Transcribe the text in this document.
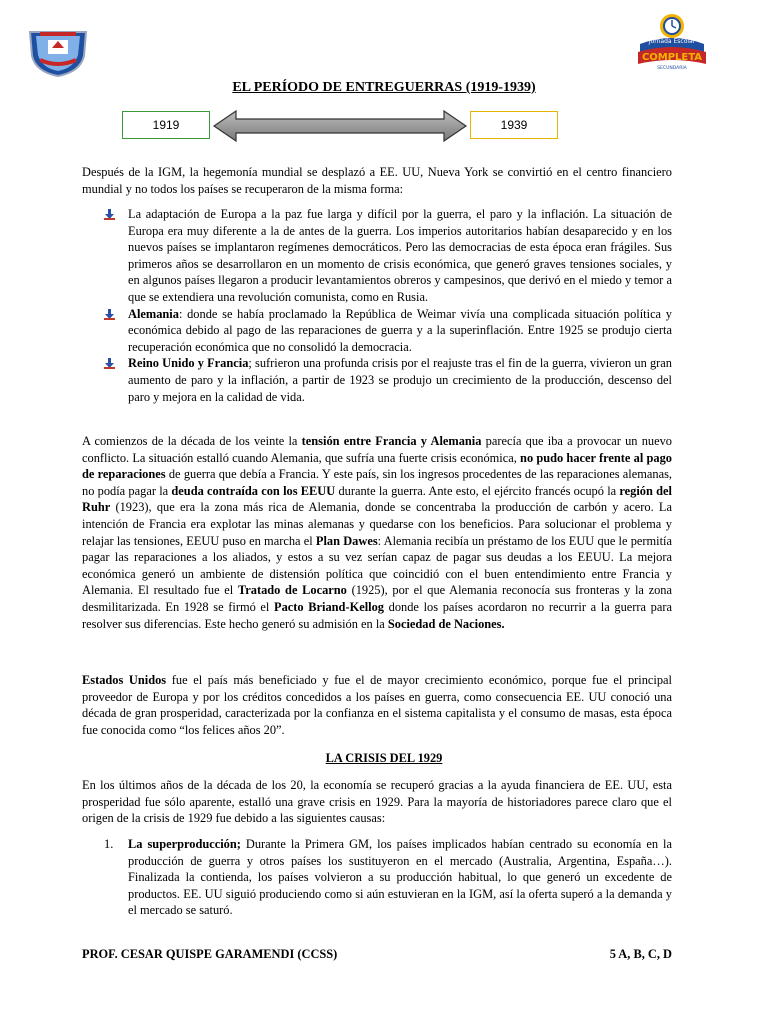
Jornada Escolar
COMPLETA
SECUNDARIA
EL PERÍODO DE ENTREGUERRAS (1919-1939)
1919	1939
Después de la IGM, la hegemonía mundial se desplazó a EE. UU, Nueva York se convirtió en el centro financiero mundial y no todos los países se recuperaron de la misma forma:
La adaptación de Europa a la paz fue larga y difícil por la guerra, el paro y la inflación. La situación de Europa era muy diferente a la de antes de la guerra. Los imperios autoritarios habían desaparecido y en los nuevos países se implantaron regímenes democráticos. Pero las democracias de esta época eran frágiles. Sus primeros años se desarrollaron en un momento de crisis económica, que generó graves tensiones sociales, y en algunos países llegaron a producir levantamientos obreros y campesinos, que derivó en el miedo y temor a que se extendiera una revolución comunista, como en Rusia.
Alemania: donde se había proclamado la República de Weimar vivía una complicada situación política y económica debido al pago de las reparaciones de guerra y a la superinflación. Entre 1925 se produjo cierta recuperación económica que no consolidó la democracia.
Reino Unido y Francia; sufrieron una profunda crisis por el reajuste tras el fin de la guerra, vivieron un gran aumento de paro y la inflación, a partir de 1923 se produjo un crecimiento de la producción, descenso del paro y mejora en la calidad de vida.
A comienzos de la década de los veinte la tensión entre Francia y Alemania parecía que iba a provocar un nuevo conflicto. La situación estalló cuando Alemania, que sufría una fuerte crisis económica, no pudo hacer frente al pago de reparaciones de guerra que debía a Francia. Y este país, sin los ingresos procedentes de las reparaciones alemanas, no podía pagar la deuda contraída con los EEUU durante la guerra. Ante esto, el ejército francés ocupó la región del Ruhr (1923), que era la zona más rica de Alemania, donde se concentraba la producción de carbón y acero. La intención de Francia era explotar las minas alemanas y quedarse con los beneficios. Para solucionar el problema y relajar las tensiones, EEUU puso en marcha el Plan Dawes: Alemania recibía un préstamo de los EUU que le permitía pagar las reparaciones a los aliados, y estos a su vez serían capaz de pagar sus deudas a los EEUU. La mejora económica generó un ambiente de distensión política que coincidió con el buen entendimiento entre Francia y Alemania. El resultado fue el Tratado de Locarno (1925), por el que Alemania reconocía sus fronteras y la zona desmilitarizada. En 1928 se firmó el Pacto Briand-Kellog donde los países acordaron no recurrir a la guerra para resolver sus diferencias. Este hecho generó su admisión en la Sociedad de Naciones.
Estados Unidos fue el país más beneficiado y fue el de mayor crecimiento económico, porque fue el principal proveedor de Europa y por los créditos concedidos a los países en guerra, como consecuencia EE. UU conoció una década de gran prosperidad, caracterizada por la confianza en el sistema capitalista y el consumo de masas, esta época fue conocida como “los felices años 20”.
LA CRISIS DEL 1929
En los últimos años de la década de los 20, la economía se recuperó gracias a la ayuda financiera de EE. UU, esta prosperidad fue sólo aparente, estalló una grave crisis en 1929. Para la mayoría de historiadores parece claro que el origen de la crisis de 1929 fue debido a las siguientes causas:
1. La superproducción; Durante la Primera GM, los países implicados habían centrado su economía en la producción de guerra y otros países los sustituyeron en el mercado (Australia, Argentina, España…). Finalizada la contienda, los países volvieron a su producción habitual, lo que generó un excedente de productos. EE. UU siguió produciendo como si aún estuvieran en la IGM, así la oferta superó a la demanda y el mercado se saturó.
PROF. CESAR QUISPE GARAMENDI (CCSS)	5 A, B, C, D
